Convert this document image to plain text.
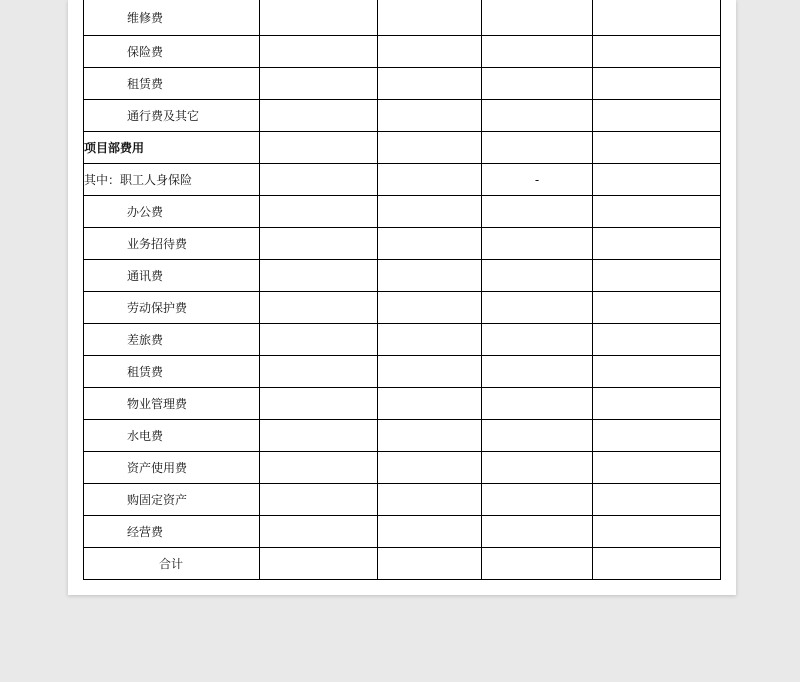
维修费				
保险费				
租赁费				
通行费及其它				
项目部费用				
其中：职工人身保险			-	
办公费				
业务招待费				
通讯费				
劳动保护费				
差旅费				
租赁费				
物业管理费				
水电费				
资产使用费				
购固定资产				
经营费				
合计				
